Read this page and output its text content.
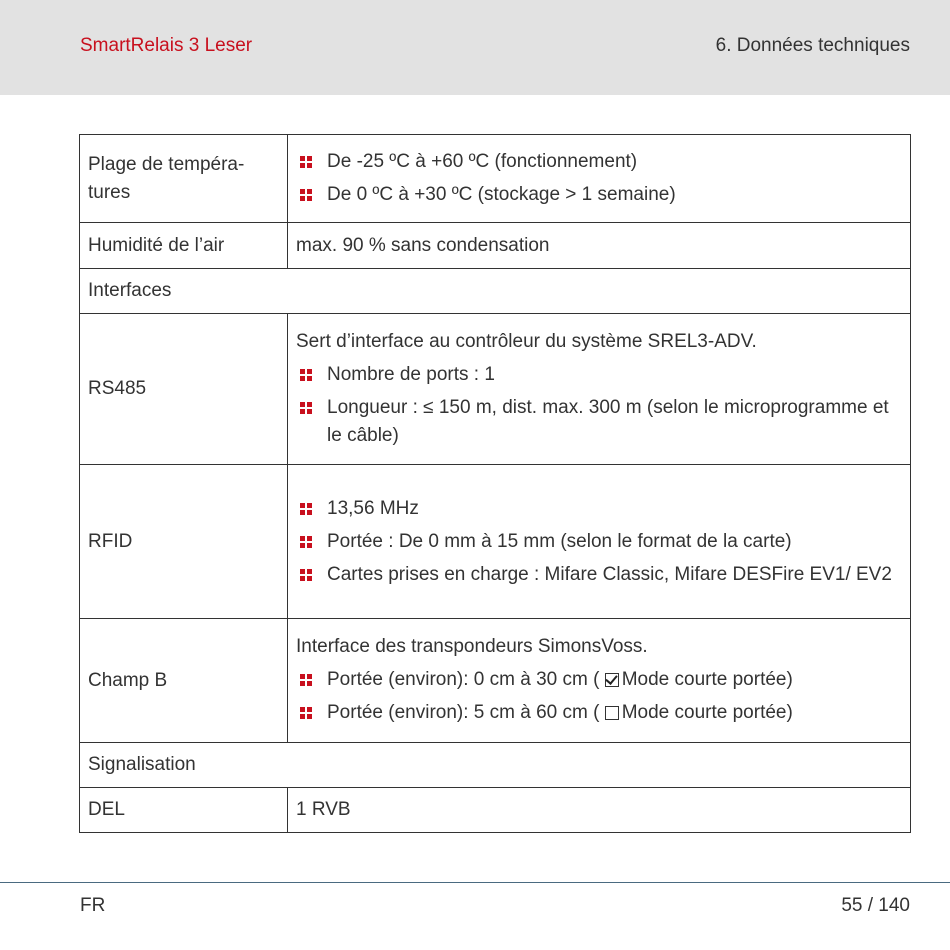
SmartRelais 3 Leser	6. Données techniques
Plage de tempéra-tures	De -25 ºC à +60 ºC (fonctionnement)
De 0 ºC à +30 ºC (stockage > 1 semaine)

Humidité de l’air	max. 90 % sans condensation
Interfaces	
RS485	Sert d’interface au contrôleur du système SREL3-ADV.
Nombre de ports : 1
Longueur : ≤ 150 m, dist. max. 300 m (selon le microprogramme et le câble)

RFID	13,56 MHz
Portée : De 0 mm à 15 mm (selon le format de la carte)
Cartes prises en charge : Mifare Classic, Mifare DESFire EV1/ EV2

Champ B	Interface des transpondeurs SimonsVoss.
Portée (environ): 0 cm à 30 cm ( Mode courte portée)
Portée (environ): 5 cm à 60 cm ( Mode courte portée)

Signalisation	
DEL	1 RVB
FR	55 / 140
